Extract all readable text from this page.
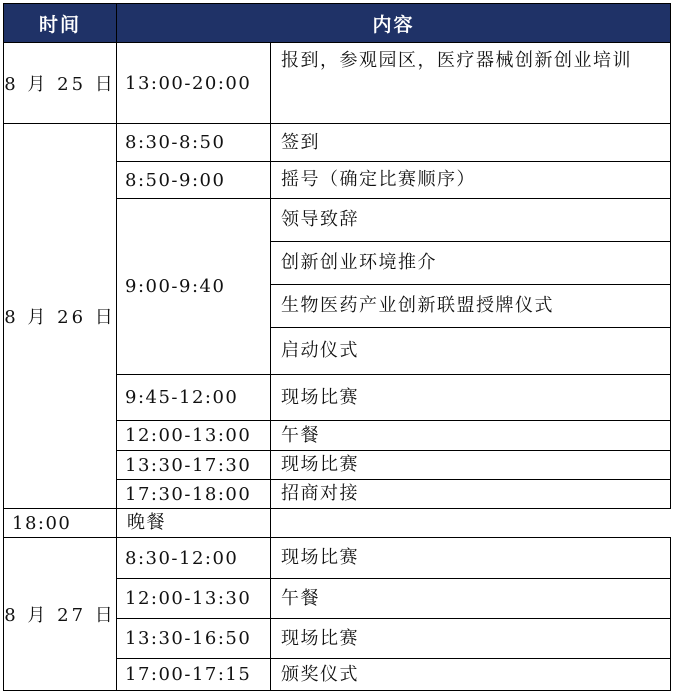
时间	内容	
8 月 25 日	13:00-20:00	报到，参观园区，医疗器械创新创业培训
8 月 26 日	8:30-8:50	签到
	8:50-9:00	摇号（确定比赛顺序）
	9:00-9:40	领导致辞
		创新创业环境推介
		生物医药产业创新联盟授牌仪式
		启动仪式
	9:45-12:00	现场比赛
	12:00-13:00	午餐
	13:30-17:30	现场比赛
	17:30-18:00	招商对接
18:00	晚餐	
8 月 27 日	8:30-12:00	现场比赛
	12:00-13:30	午餐
	13:30-16:50	现场比赛
	17:00-17:15	颁奖仪式
